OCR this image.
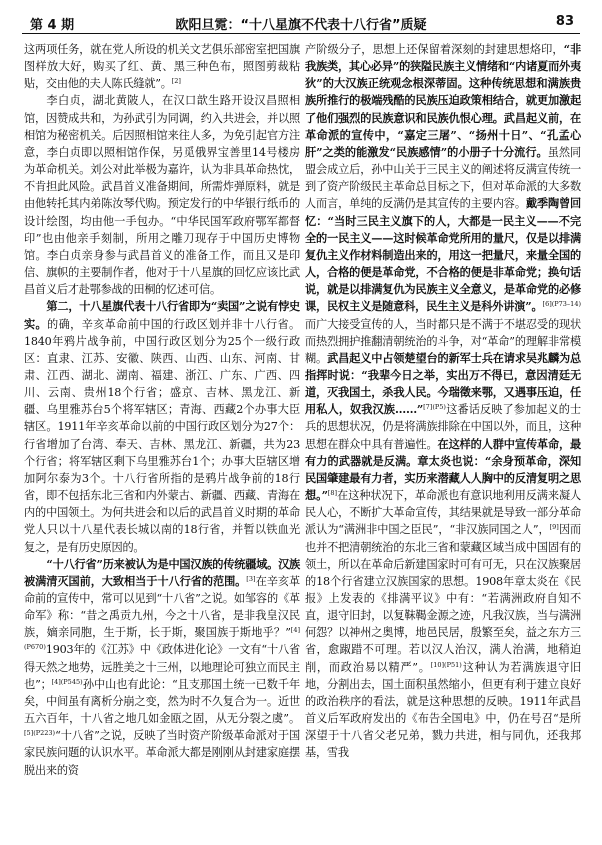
第 4 期	欧阳旦霓：“十八星旗不代表十八行省”质疑	83

这两项任务，就在党人所设的机关文艺俱乐部密室把国旗图样放大好，购买了红、黄、黑三种色布，照图剪裁粘贴，交由他的夫人陈氏缝就”。[2]

李白贞，湖北黄陂人，在汉口歆生路开设汉昌照相馆，因赞成共和，为孙武引为同调，约入共进会，并以照相馆为秘密机关。后因照相馆来往人多，为免引起官方注意，李白贞即以照相馆作保，另觅俄界宝善里14号楼房为革命机关。刘公对此举极为嘉许，认为非具革命热忱，不肯担此风险。武昌首义准备期间，所需炸弹原料，就是由他转托其内弟陈汝琴代购。预定发行的中华银行纸币的设计绘图，均由他一手包办。“中华民国军政府鄂军都督印”也由他亲手刻制，所用之雕刀现存于中国历史博物馆。李白贞亲身参与武昌首义的准备工作，而且又是印信、旗帜的主要制作者，他对于十八星旗的回忆应该比武昌首义后才赴鄂参战的田桐的忆述可信。

第二，十八星旗代表十八行省即为“卖国”之说有悖史实。的确，辛亥革命前中国的行政区划并非十八行省。1840年鸦片战争前，中国行政区划分为25个一级行政区：直隶、江苏、安徽、陕西、山西、山东、河南、甘肃、江西、湖北、湖南、福建、浙江、广东、广西、四川、云南、贵州18个行省；盛京、吉林、黑龙江、新疆、乌里雅苏台5个将军辖区；青海、西藏2个办事大臣辖区。1911年辛亥革命以前的中国行政区划分为27个：行省增加了台湾、奉天、吉林、黑龙江、新疆，共为23个行省；将军辖区剩下乌里雅苏台1个；办事大臣辖区增加阿尔泰为3个。十八行省所指的是鸦片战争前的18行省，即不包括东北三省和内外蒙古、新疆、西藏、青海在内的中国领土。为何共进会和以后的武昌首义时期的革命党人只以十八星代表长城以南的18行省，并暂以铁血光复之，是有历史原因的。

“十八行省”历来被认为是中国汉族的传统疆域。汉族被满清灭国前，大致相当于十八行省的范围。[3]在辛亥革命前的宣传中，常可以见到“十八省”之说。如邹容的《革命军》称：“昔之禹贡九州，今之十八省，是非我皇汉民族，嫡亲同胞，生于斯，长于斯，聚国族于斯地乎？”$^{[4](P670)}$1903年的《江苏》中《政体进化论》一文有“十八省得天然之地势，远胜美之十三州，以地理论可独立而民主也”；$^{[4](P545)}$孙中山也有此论：“且支那国土统一已数千年矣，中间虽有离析分崩之变，然为时不久复合为一。近世五六百年，十八省之地几如金瓯之固，从无分裂之虞”。$^{[5](P223)}$“十八省”之说，反映了当时资产阶级革命派对于国家民族问题的认识水平。革命派大都是刚刚从封建家庭摆脱出来的资

产阶级分子，思想上还保留着深刻的封建思想烙印，“非我族类，其心必异”的狭隘民族主义情绪和“内诸夏而外夷狄”的大汉族正统观念根深蒂固。这种传统思想和满族贵族所推行的极端残酷的民族压迫政策相结合，就更加激起了他们强烈的民族意识和民族仇恨心理。武昌起义前，在革命派的宣传中，“嘉定三屠”、“扬州十日”、“孔孟心肝”之类的能激发“民族感情”的小册子十分流行。虽然同盟会成立后，孙中山关于三民主义的阐述将反满宣传统一到了资产阶级民主革命总目标之下，但对革命派的大多数人而言，单纯的反满仍是其宣传的主要内容。戴季陶曾回忆：“当时三民主义旗下的人，大都是一民主义——不完全的一民主义——这时候革命党所用的量尺，仅是以排满复仇主义作材料制造出来的，用这一把量尺，来量全国的人，合格的便是革命党，不合格的便是非革命党；换句话说，就是以排满复仇为民族主义全意义，是革命党的必修课，民权主义是随意科，民生主义是科外讲演”。$^{[6](P73-14)}$而广大接受宣传的人，当时都只是不满于不堪忍受的现状而热烈拥护推翻清朝统治的斗争，对“革命”的理解非常模糊。武昌起义中占领楚望台的新军士兵在请求吴兆麟为总指挥时说：“我辈今日之举，实出万不得已，意因清廷无道，灭我国土，杀我人民。今瑞徵来鄂，又遇事压迫，任用私人，奴我汉族……”$^{[7](P5)}$这番话反映了参加起义的士兵的思想状况，仍是将满族排除在中国以外，而且，这种思想在群众中具有普遍性。在这样的人群中宣传革命，最有力的武器就是反满。章太炎也说：“余身预革命，深知民国肇建最有力者，实历来潜藏人人胸中的反清复明之思想。”[8]在这种状况下，革命派也有意识地利用反满来凝人民人心，不断扩大革命宣传，其结果就是导致一部分革命派认为“满洲非中国之臣民”，“非汉族同国之人”，[9]因而也并不把清朝统治的东北三省和蒙藏区域当成中国固有的领土，所以在革命后新建国家时可有可无，只在汉族聚居的18个行省建立汉族国家的思想。1908年章太炎在《民报》上发表的《排满平议》中有：“若满洲政府自知不直，退守旧封，以复靺鞨金源之迹，凡我汉族，当与满洲何怨？以神州之奥博，地邑民居，殷繁至矣，益之东方三省，愈踧踖不可理。若以汉人治汉，满人治满，地稍迫削，而政治易以精严”。$^{[10](P51)}$这种认为若满族退守旧地，分割出去，国土面积虽然缩小，但更有利于建立良好的政治秩序的看法，就是这种思想的反映。1911年武昌首义后军政府发出的《布告全国电》中，仍在号召“是所深望于十八省父老兄弟，戮力共进，相与同仇，还我邦基，雪我
